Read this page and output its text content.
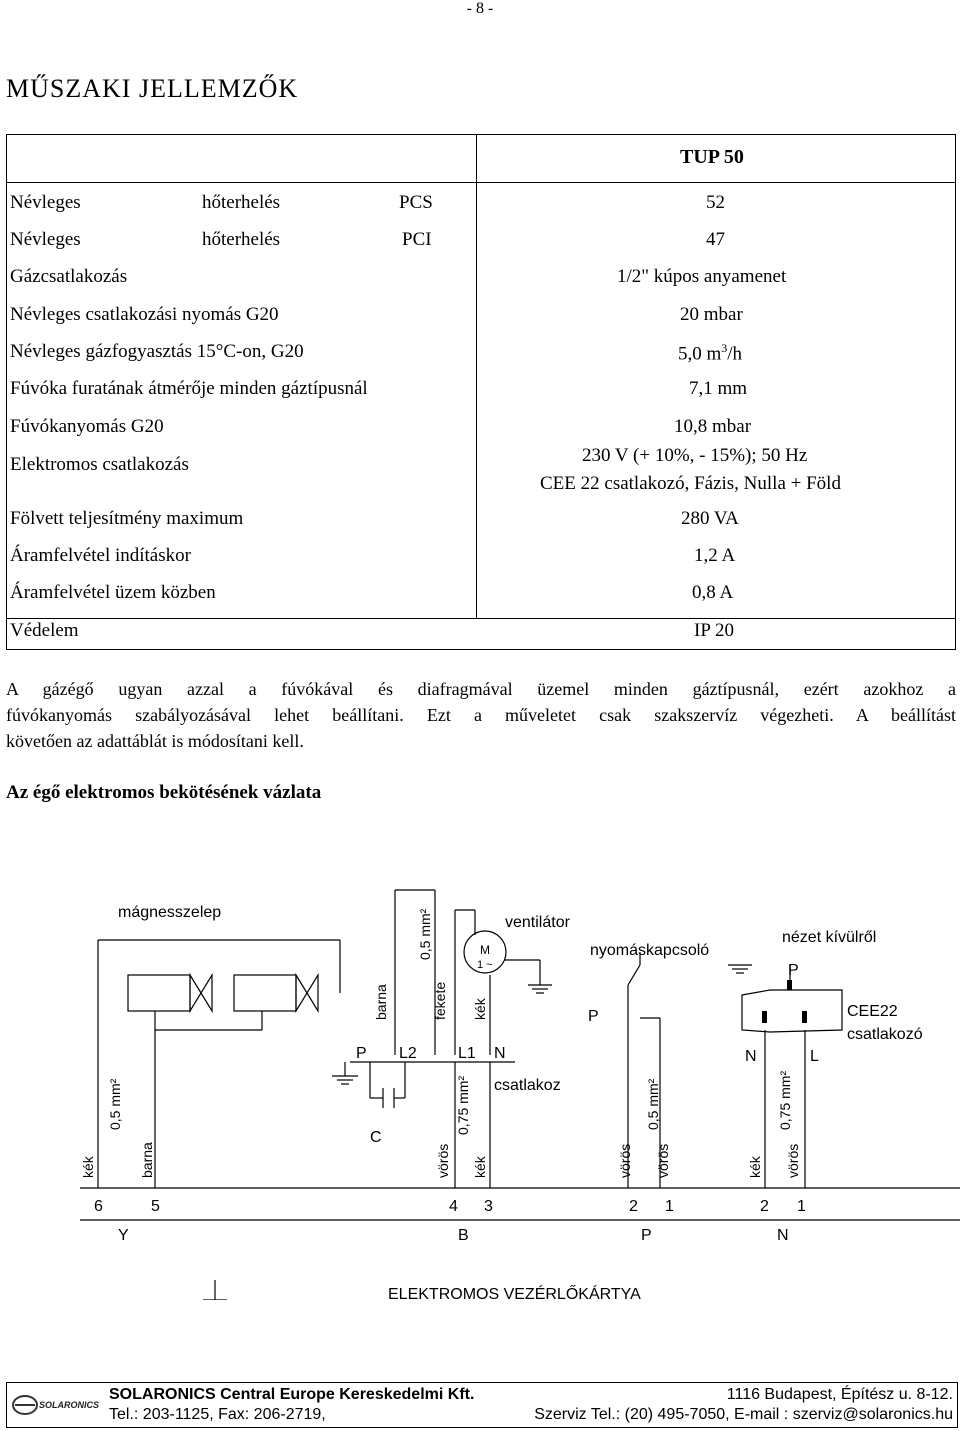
- 8 -
MŰSZAKI JELLEMZŐK
TUP 50
Névleges	hőterhelés	PCS	52
Névleges	hőterhelés	PCI	47
Gázcsatlakozás	1/2" kúpos anyamenet
Névleges csatlakozási nyomás G20	20 mbar
Névleges gázfogyasztás 15°C-on, G20	5,0 $m^3/h$
Fúvóka furatának átmérője minden gáztípusnál	7,1 mm
Fúvókanyomás G20	10,8 mbar
Elektromos csatlakozás	230 V (+ 10%, - 15%); 50 Hz
CEE 22 csatlakozó, Fázis, Nulla + Föld
Fölvett teljesítmény maximum	280 VA
Áramfelvétel indításkor	1,2 A
Áramfelvétel üzem közben	0,8 A
Védelem	IP 20
A gázégő ugyan azzal a fúvókával és diafragmával üzemel minden gáztípusnál, ezért azokhoz a
fúvókanyomás szabályozásával lehet beállítani. Ezt a műveletet csak szakszervíz végezheti. A beállítást
követően az adattáblát is módosítani kell.
Az égő elektromos bekötésének vázlata
mágnesszelep
ventilátor
M
1 ~
nyomáskapcsoló
nézet kívülről
P
CEE22
csatlakozó
N	L
P
P L2	L1 N
csatlakoz
C
kék
0,5 mm²
barna
barna
0,5 mm²
fekete kék
vörös
0,75 mm²
kék	vörös
0,5 mm²
vörös	kék
0,75 mm²
vörös
6	5
Y
4 3
B
2 1
P
2 1
N
ELEKTROMOS VEZÉRLŐKÁRTYA
SOLARONICS
SOLARONICS Central Europe Kereskedelmi Kft.	1116 Budapest, Építész u. 8-12.
Tel.: 203-1125, Fax: 206-2719,	Szerviz Tel.: (20) 495-7050, E-mail : szerviz@solaronics.hu
